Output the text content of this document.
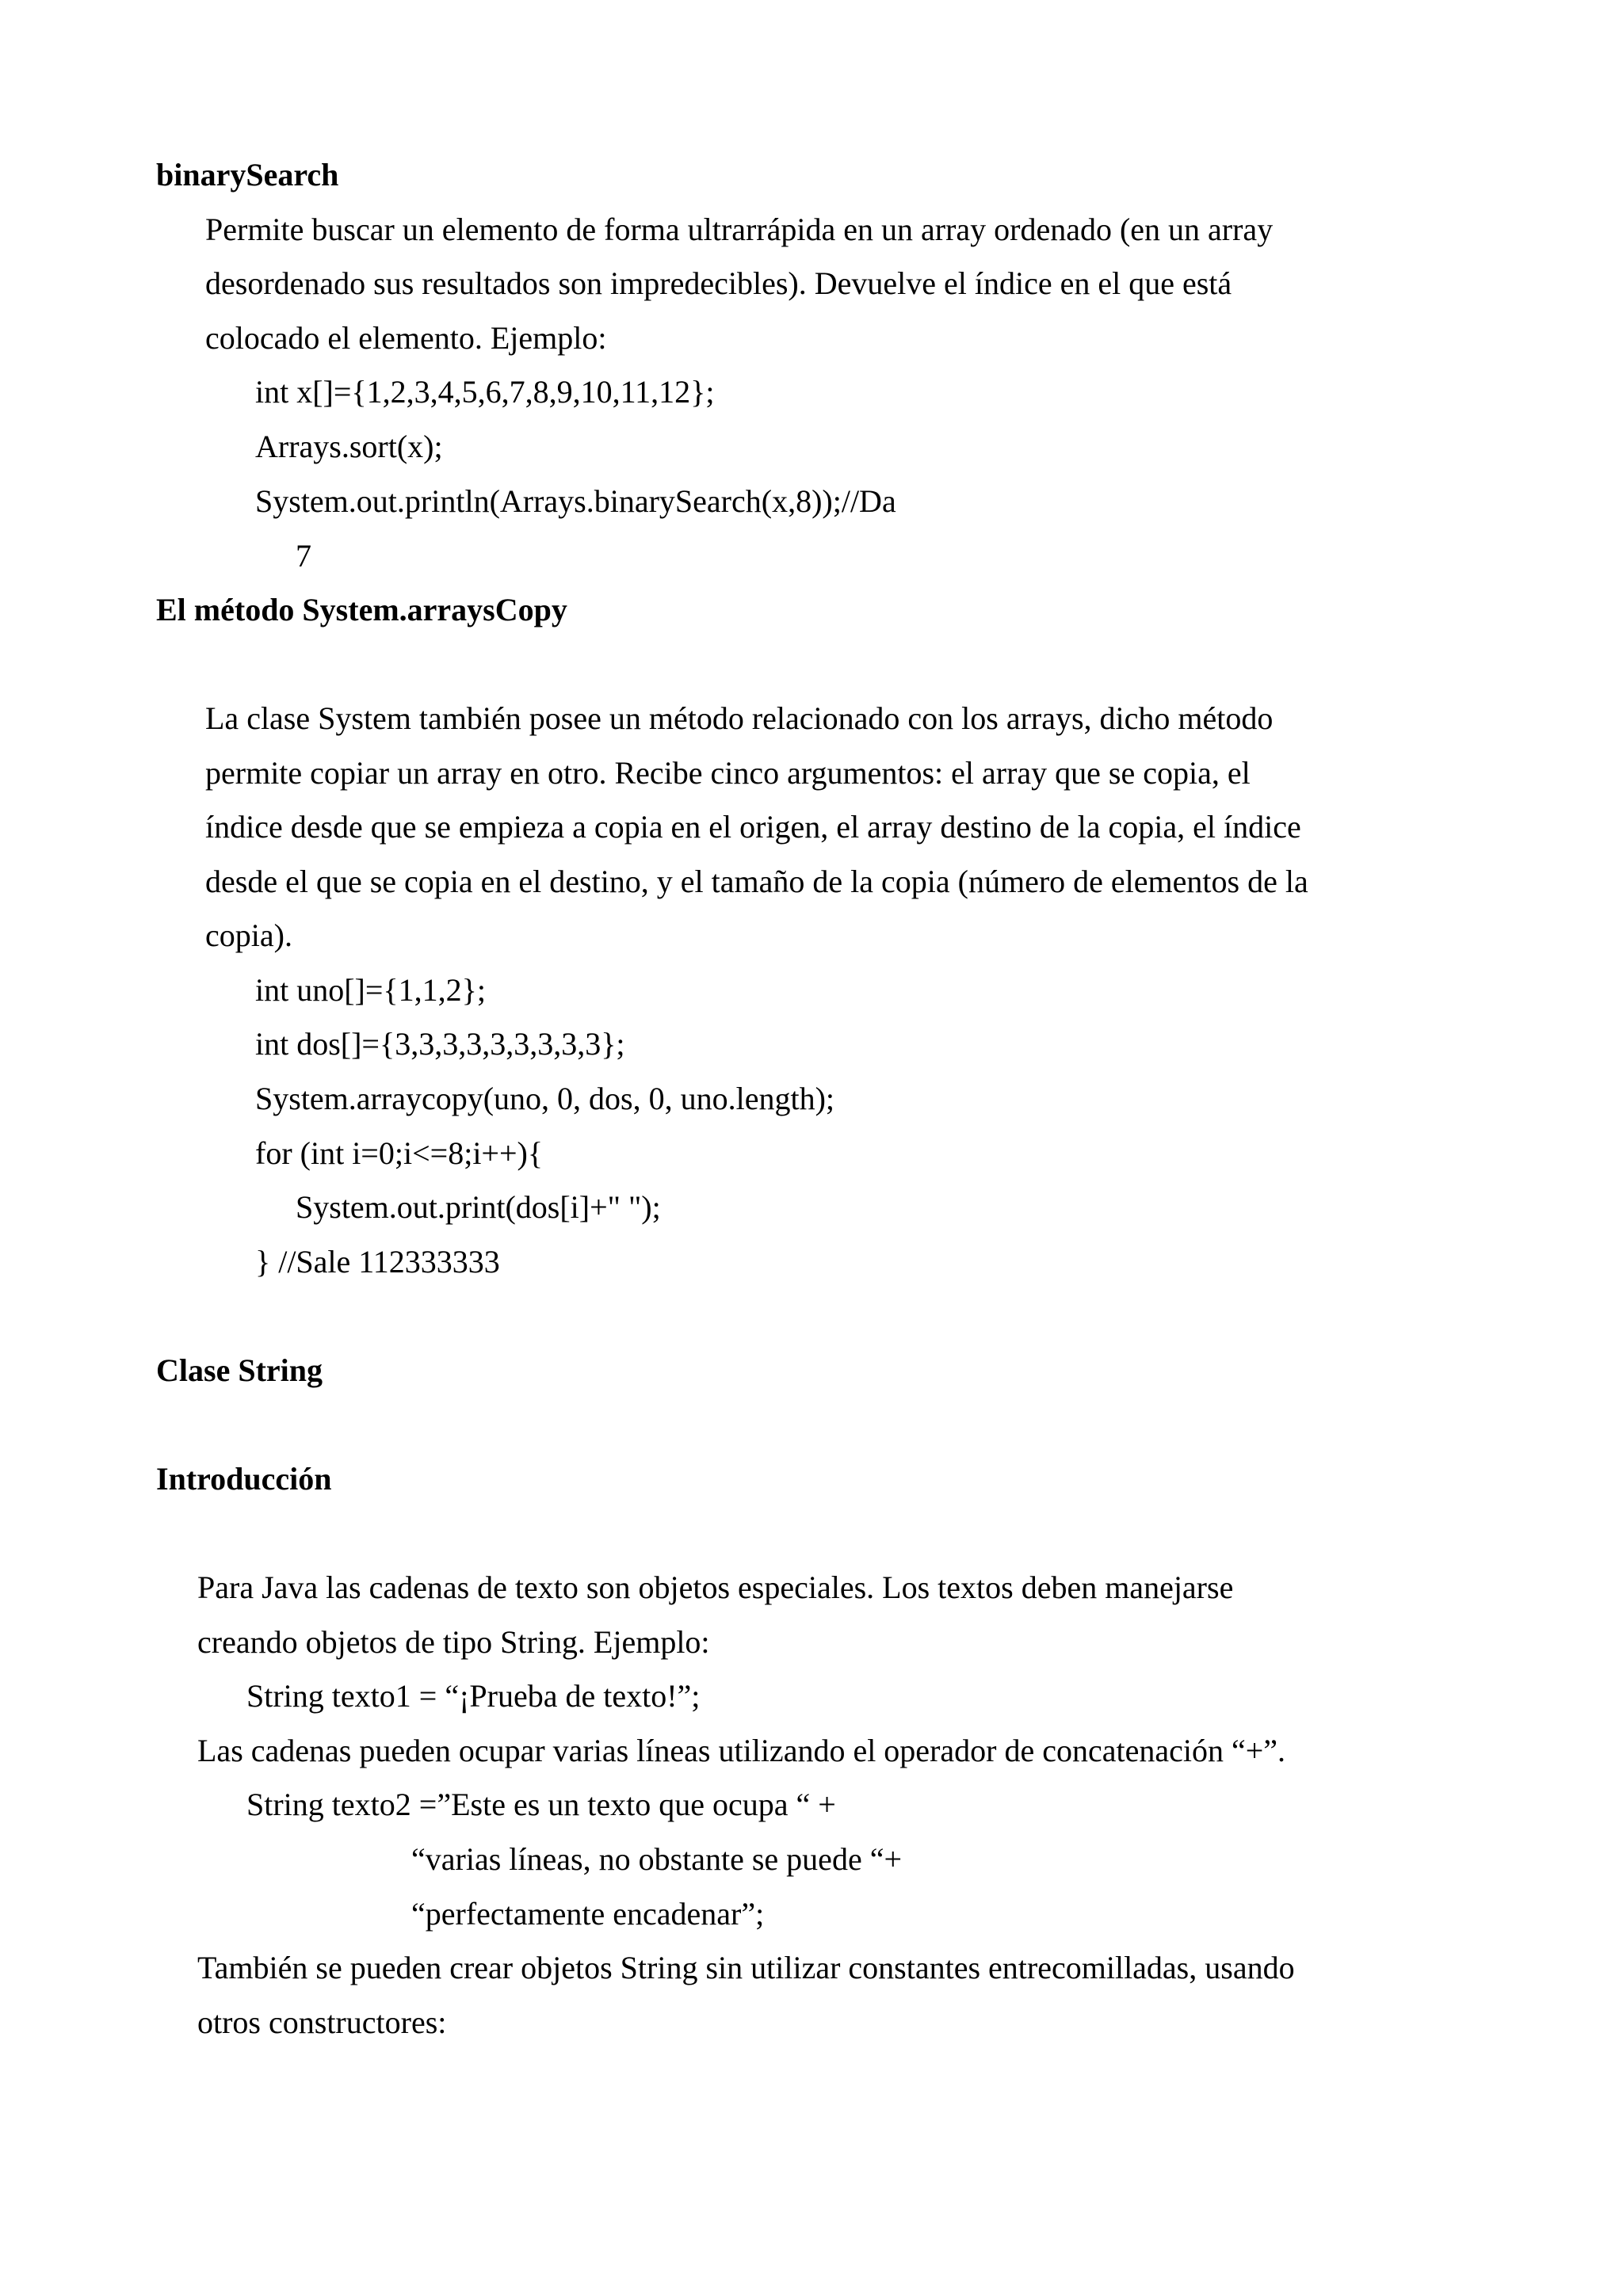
binarySearch

Permite buscar un elemento de forma ultrarrápida en un array ordenado (en un array

desordenado sus resultados son impredecibles). Devuelve el índice en el que está

colocado el elemento. Ejemplo:

int x[]={1,2,3,4,5,6,7,8,9,10,11,12};

Arrays.sort(x);

System.out.println(Arrays.binarySearch(x,8));//Da

7

El método System.arraysCopy

La clase System también posee un método relacionado con los arrays, dicho método

permite copiar un array en otro. Recibe cinco argumentos: el array que se copia, el

índice desde que se empieza a copia en el origen, el array destino de la copia, el índice

desde el que se copia en el destino, y el tamaño de la copia (número de elementos de la

copia).

int uno[]={1,1,2};

int dos[]={3,3,3,3,3,3,3,3,3};

System.arraycopy(uno, 0, dos, 0, uno.length);

for (int i=0;i<=8;i++){

System.out.print(dos[i]+" ");

} //Sale 112333333

Clase String

Introducción

Para Java las cadenas de texto son objetos especiales. Los textos deben manejarse

creando objetos de tipo String. Ejemplo:

String texto1 = “¡Prueba de texto!”;

Las cadenas pueden ocupar varias líneas utilizando el operador de concatenación “+”.

String texto2 =”Este es un texto que ocupa “ +

“varias líneas, no obstante se puede “+

“perfectamente encadenar”;

También se pueden crear objetos String sin utilizar constantes entrecomilladas, usando

otros constructores:
